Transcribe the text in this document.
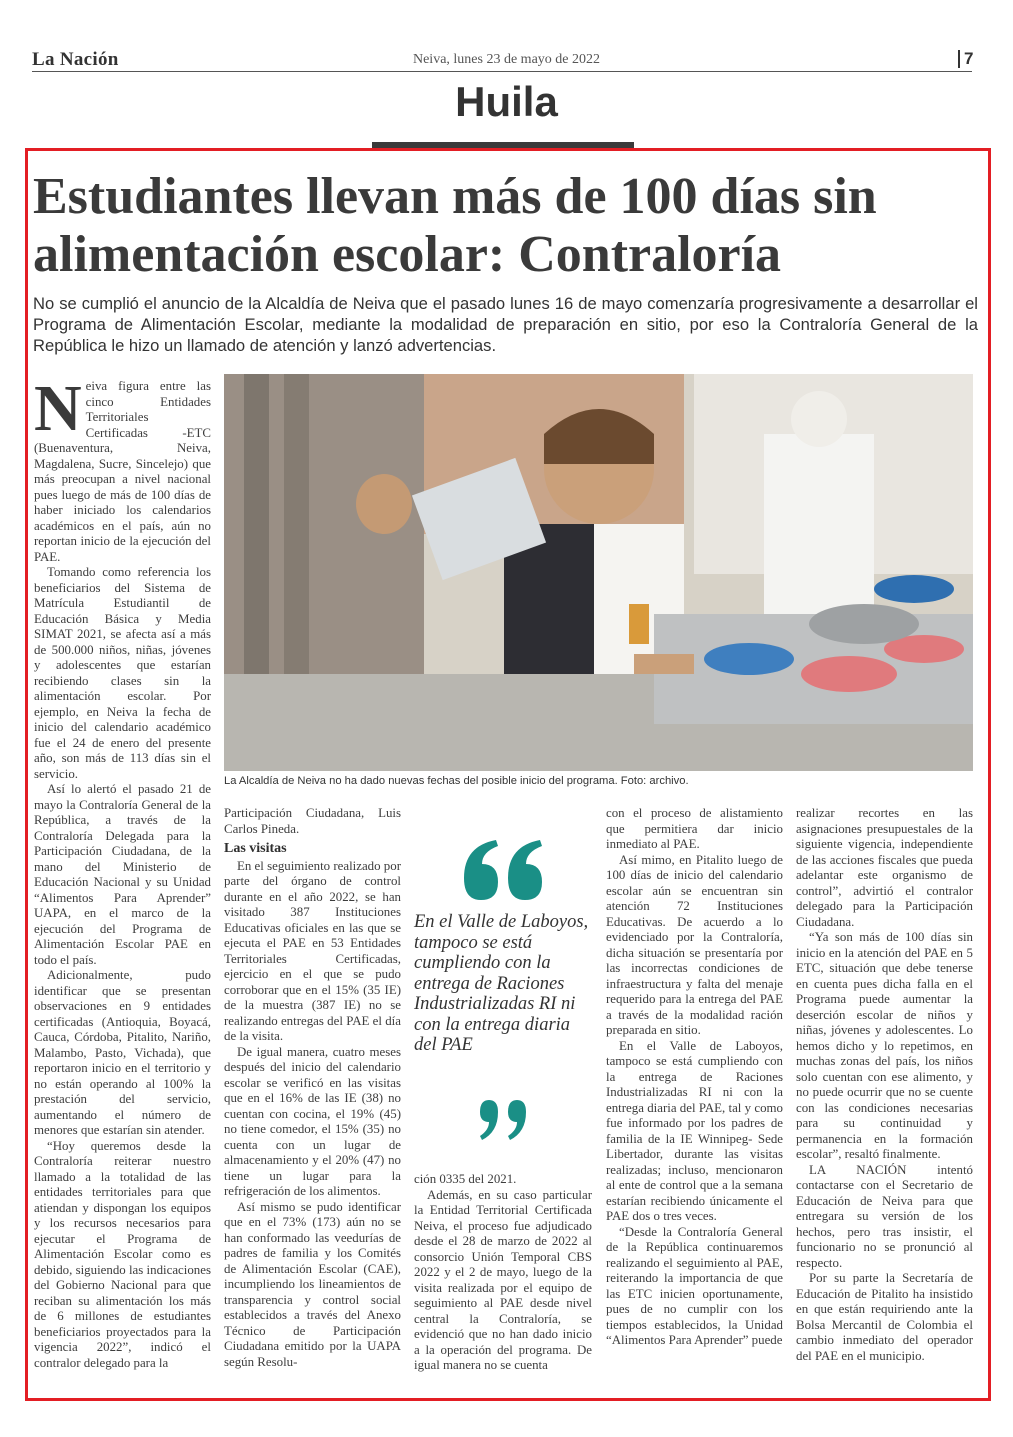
La Nación	Neiva, lunes 23 de mayo de 2022	7
Huila
Estudiantes llevan más de 100 días sin alimentación escolar: Contraloría
No se cumplió el anuncio de la Alcaldía de Neiva que el pasado lunes 16 de mayo comenzaría progresivamente a desarrollar el Programa de Alimentación Escolar, mediante la modalidad de preparación en sitio, por eso la Contraloría General de la República le hizo un llamado de atención y lanzó advertencias.

Neiva figura entre las cinco Entidades Territoriales Certificadas -ETC (Buenaventura, Neiva, Magdalena, Sucre, Sincelejo) que más preocupan a nivel nacional pues luego de más de 100 días de haber iniciado los calendarios académicos en el país, aún no reportan inicio de la ejecución del PAE.

Tomando como referencia los beneficiarios del Sistema de Matrícula Estudiantil de Educación Básica y Media SIMAT 2021, se afecta así a más de 500.000 niños, niñas, jóvenes y adolescentes que estarían recibiendo clases sin la alimentación escolar. Por ejemplo, en Neiva la fecha de inicio del calendario académico fue el 24 de enero del presente año, son más de 113 días sin el servicio.

Así lo alertó el pasado 21 de mayo la Contraloría General de la República, a través de la Contraloría Delegada para la Participación Ciudadana, de la mano del Ministerio de Educación Nacional y su Unidad “Alimentos Para Aprender” UAPA, en el marco de la ejecución del Programa de Alimentación Escolar PAE en todo el país.

Adicionalmente, pudo identificar que se presentan observaciones en 9 entidades certificadas (Antioquia, Boyacá, Cauca, Córdoba, Pitalito, Nariño, Malambo, Pasto, Vichada), que reportaron inicio en el territorio y no están operando al 100% la prestación del servicio, aumentando el número de menores que estarían sin atender.

“Hoy queremos desde la Contraloría reiterar nuestro llamado a la totalidad de las entidades territoriales para que atiendan y dispongan los equipos y los recursos necesarios para ejecutar el Programa de Alimentación Escolar como es debido, siguiendo las indicaciones del Gobierno Nacional para que reciban su alimentación los más de 6 millones de estudiantes beneficiarios proyectados para la vigencia 2022”, indicó el contralor delegado para la

La Alcaldía de Neiva no ha dado nuevas fechas del posible inicio del programa. Foto: archivo.

Participación Ciudadana, Luis Carlos Pineda.

Las visitas

En el seguimiento realizado por parte del órgano de control durante en el año 2022, se han visitado 387 Instituciones Educativas oficiales en las que se ejecuta el PAE en 53 Entidades Territoriales Certificadas, ejercicio en el que se pudo corroborar que en el 15% (35 IE) de la muestra (387 IE) no se realizando entregas del PAE el día de la visita.

De igual manera, cuatro meses después del inicio del calendario escolar se verificó en las visitas que en el 16% de las IE (38) no cuentan con cocina, el 19% (45) no tiene comedor, el 15% (35) no cuenta con un lugar de almacenamiento y el 20% (47) no tiene un lugar para la refrigeración de los alimentos.

Así mismo se pudo identificar que en el 73% (173) aún no se han conformado las veedurías de padres de familia y los Comités de Alimentación Escolar (CAE), incumpliendo los lineamientos de transparencia y control social establecidos a través del Anexo Técnico de Participación Ciudadana emitido por la UAPA según Resolu-

En el Valle de Laboyos, tampoco se está cumpliendo con la entrega de Raciones Industrializadas RI ni con la entrega diaria del PAE

ción 0335 del 2021.

Además, en su caso particular la Entidad Territorial Certificada Neiva, el proceso fue adjudicado desde el 28 de marzo de 2022 al consorcio Unión Temporal CBS 2022 y el 2 de mayo, luego de la visita realizada por el equipo de seguimiento al PAE desde nivel central la Contraloría, se evidenció que no han dado inicio a la operación del programa. De igual manera no se cuenta

con el proceso de alistamiento que permitiera dar inicio inmediato al PAE.

Así mimo, en Pitalito luego de 100 días de inicio del calendario escolar aún se encuentran sin atención 72 Instituciones Educativas. De acuerdo a lo evidenciado por la Contraloría, dicha situación se presentaría por las incorrectas condiciones de infraestructura y falta del menaje requerido para la entrega del PAE a través de la modalidad ración preparada en sitio.

En el Valle de Laboyos, tampoco se está cumpliendo con la entrega de Raciones Industrializadas RI ni con la entrega diaria del PAE, tal y como fue informado por los padres de familia de la IE Winnipeg- Sede Libertador, durante las visitas realizadas; incluso, mencionaron al ente de control que a la semana estarían recibiendo únicamente el PAE dos o tres veces.

“Desde la Contraloría General de la República continuaremos realizando el seguimiento al PAE, reiterando la importancia de que las ETC inicien oportunamente, pues de no cumplir con los tiempos establecidos, la Unidad “Alimentos Para Aprender” puede

realizar recortes en las asignaciones presupuestales de la siguiente vigencia, independiente de las acciones fiscales que pueda adelantar este organismo de control”, advirtió el contralor delegado para la Participación Ciudadana.

“Ya son más de 100 días sin inicio en la atención del PAE en 5 ETC, situación que debe tenerse en cuenta pues dicha falla en el Programa puede aumentar la deserción escolar de niños y niñas, jóvenes y adolescentes. Lo hemos dicho y lo repetimos, en muchas zonas del país, los niños solo cuentan con ese alimento, y no puede ocurrir que no se cuente con las condiciones necesarias para su continuidad y permanencia en la formación escolar”, resaltó finalmente.

LA NACIÓN intentó contactarse con el Secretario de Educación de Neiva para que entregara su versión de los hechos, pero tras insistir, el funcionario no se pronunció al respecto.

Por su parte la Secretaría de Educación de Pitalito ha insistido en que están requiriendo ante la Bolsa Mercantil de Colombia el cambio inmediato del operador del PAE en el municipio.
